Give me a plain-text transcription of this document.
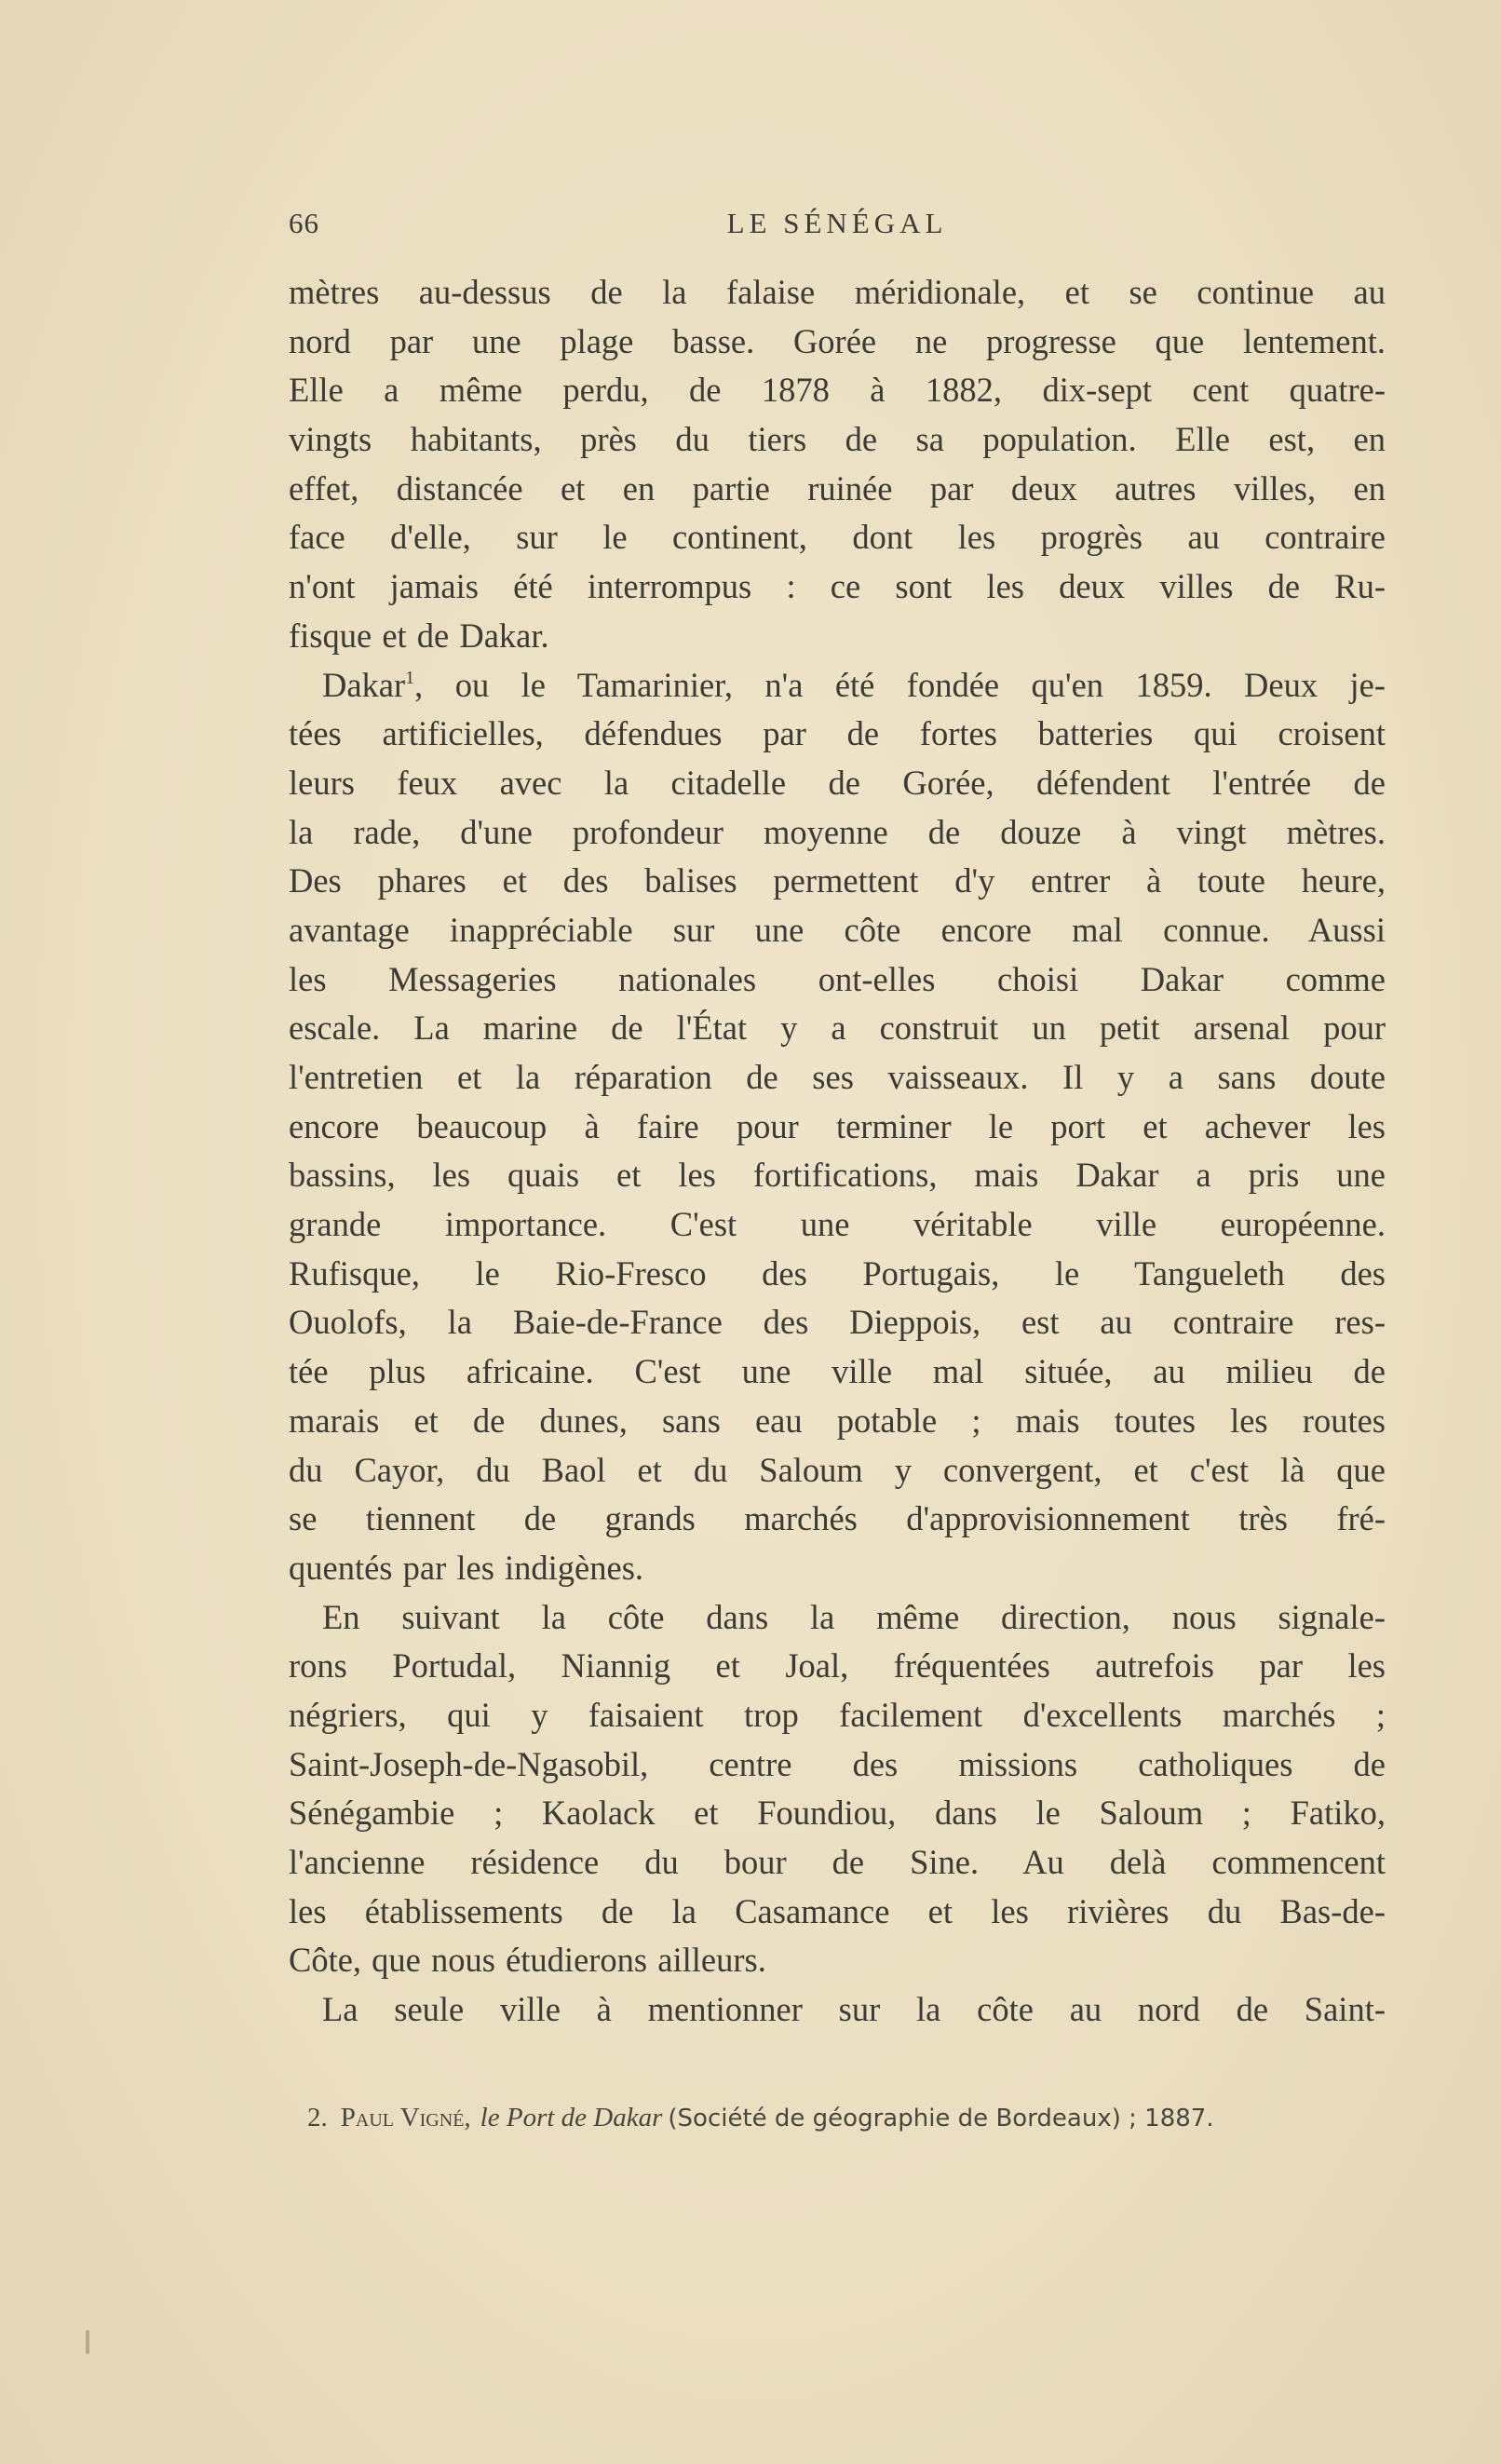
66	LE SÉNÉGAL
mètres au-dessus de la falaise méridionale, et se continue au
nord par une plage basse. Gorée ne progresse que lentement.
Elle a même perdu, de 1878 à 1882, dix-sept cent quatre-
vingts habitants, près du tiers de sa population. Elle est, en
effet, distancée et en partie ruinée par deux autres villes, en
face d'elle, sur le continent, dont les progrès au contraire
n'ont jamais été interrompus : ce sont les deux villes de Ru-
fisque et de Dakar.
Dakar$^1$, ou le Tamarinier, n'a été fondée qu'en 1859. Deux je-
tées artificielles, défendues par de fortes batteries qui croisent
leurs feux avec la citadelle de Gorée, défendent l'entrée de
la rade, d'une profondeur moyenne de douze à vingt mètres.
Des phares et des balises permettent d'y entrer à toute heure,
avantage inappréciable sur une côte encore mal connue. Aussi
les Messageries nationales ont-elles choisi Dakar comme
escale. La marine de l'État y a construit un petit arsenal pour
l'entretien et la réparation de ses vaisseaux. Il y a sans doute
encore beaucoup à faire pour terminer le port et achever les
bassins, les quais et les fortifications, mais Dakar a pris une
grande importance. C'est une véritable ville européenne.
Rufisque, le Rio-Fresco des Portugais, le Tangueleth des
Ouolofs, la Baie-de-France des Dieppois, est au contraire res-
tée plus africaine. C'est une ville mal située, au milieu de
marais et de dunes, sans eau potable ; mais toutes les routes
du Cayor, du Baol et du Saloum y convergent, et c'est là que
se tiennent de grands marchés d'approvisionnement très fré-
quentés par les indigènes.
En suivant la côte dans la même direction, nous signale-
rons Portudal, Niannig et Joal, fréquentées autrefois par les
négriers, qui y faisaient trop facilement d'excellents marchés ;
Saint-Joseph-de-Ngasobil, centre des missions catholiques de
Sénégambie ; Kaolack et Foundiou, dans le Saloum ; Fatiko,
l'ancienne résidence du bour de Sine. Au delà commencent
les établissements de la Casamance et les rivières du Bas-de-
Côte, que nous étudierons ailleurs.
La seule ville à mentionner sur la côte au nord de Saint-
2. Paul Vigné, le Port de Dakar (Société de géographie de Bordeaux) ; 1887.
